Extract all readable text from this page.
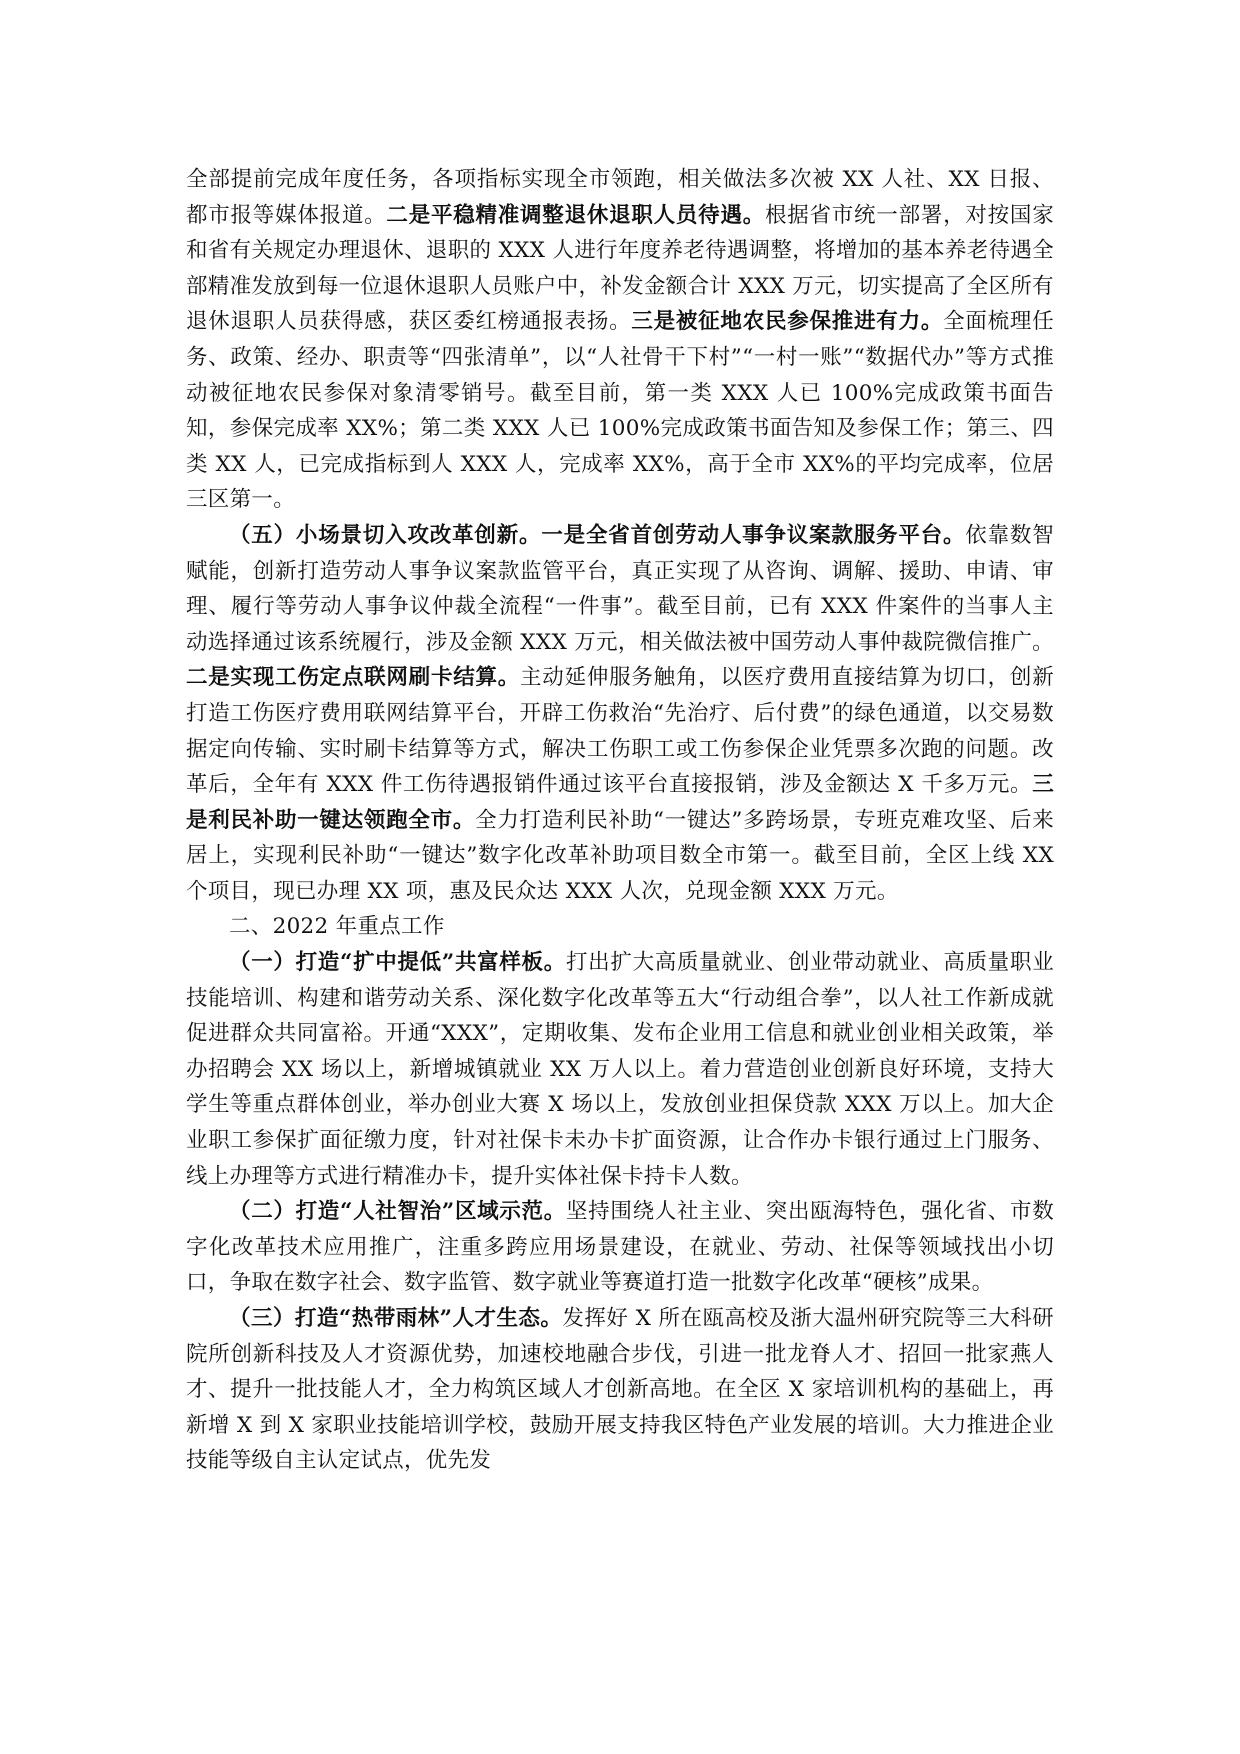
全部提前完成年度任务，各项指标实现全市领跑，相关做法多次被 XX 人社、XX 日报、都市报等媒体报道。二是平稳精准调整退休退职人员待遇。根据省市统一部署，对按国家和省有关规定办理退休、退职的 XXX 人进行年度养老待遇调整，将增加的基本养老待遇全部精准发放到每一位退休退职人员账户中，补发金额合计 XXX 万元，切实提高了全区所有退休退职人员获得感，获区委红榜通报表扬。三是被征地农民参保推进有力。全面梳理任务、政策、经办、职责等“四张清单”，以“人社骨干下村”“一村一账”“数据代办”等方式推动被征地农民参保对象清零销号。截至目前，第一类 XXX 人已 100%完成政策书面告知，参保完成率 XX%；第二类 XXX 人已 100%完成政策书面告知及参保工作；第三、四类 XX 人，已完成指标到人 XXX 人，完成率 XX%，高于全市 XX%的平均完成率，位居三区第一。

（五）小场景切入攻改革创新。一是全省首创劳动人事争议案款服务平台。依靠数智赋能，创新打造劳动人事争议案款监管平台，真正实现了从咨询、调解、援助、申请、审理、履行等劳动人事争议仲裁全流程“一件事”。截至目前，已有 XXX 件案件的当事人主动选择通过该系统履行，涉及金额 XXX 万元，相关做法被中国劳动人事仲裁院微信推广。二是实现工伤定点联网刷卡结算。主动延伸服务触角，以医疗费用直接结算为切口，创新打造工伤医疗费用联网结算平台，开辟工伤救治“先治疗、后付费”的绿色通道，以交易数据定向传输、实时刷卡结算等方式，解决工伤职工或工伤参保企业凭票多次跑的问题。改革后，全年有 XXX 件工伤待遇报销件通过该平台直接报销，涉及金额达 X 千多万元。三是利民补助一键达领跑全市。全力打造利民补助“一键达”多跨场景，专班克难攻坚、后来居上，实现利民补助“一键达”数字化改革补助项目数全市第一。截至目前，全区上线 XX 个项目，现已办理 XX 项，惠及民众达 XXX 人次，兑现金额 XXX 万元。

二、2022 年重点工作

（一）打造“扩中提低”共富样板。打出扩大高质量就业、创业带动就业、高质量职业技能培训、构建和谐劳动关系、深化数字化改革等五大“行动组合拳”，以人社工作新成就促进群众共同富裕。开通“XXX”，定期收集、发布企业用工信息和就业创业相关政策，举办招聘会 XX 场以上，新增城镇就业 XX 万人以上。着力营造创业创新良好环境，支持大学生等重点群体创业，举办创业大赛 X 场以上，发放创业担保贷款 XXX 万以上。加大企业职工参保扩面征缴力度，针对社保卡未办卡扩面资源，让合作办卡银行通过上门服务、线上办理等方式进行精准办卡，提升实体社保卡持卡人数。

（二）打造“人社智治”区域示范。坚持围绕人社主业、突出瓯海特色，强化省、市数字化改革技术应用推广，注重多跨应用场景建设，在就业、劳动、社保等领域找出小切口，争取在数字社会、数字监管、数字就业等赛道打造一批数字化改革“硬核”成果。

（三）打造“热带雨林”人才生态。发挥好 X 所在瓯高校及浙大温州研究院等三大科研院所创新科技及人才资源优势，加速校地融合步伐，引进一批龙脊人才、招回一批家燕人才、提升一批技能人才，全力构筑区域人才创新高地。在全区 X 家培训机构的基础上，再新增 X 到 X 家职业技能培训学校，鼓励开展支持我区特色产业发展的培训。大力推进企业技能等级自主认定试点，优先发
